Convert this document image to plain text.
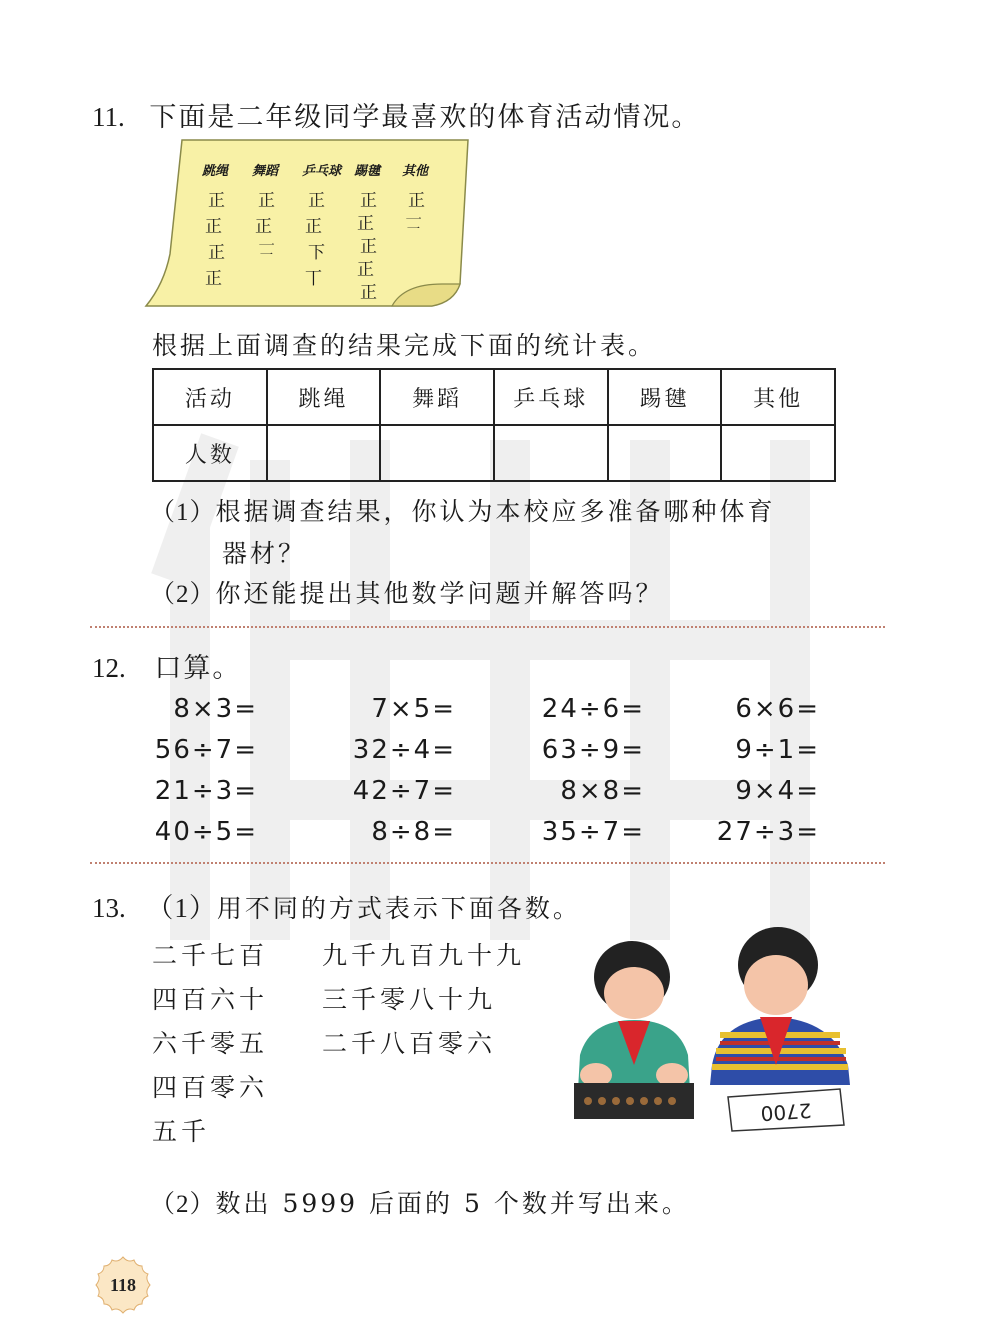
11. 下面是二年级同学最喜欢的体育活动情况。
跳绳
正
正
正
正
舞蹈
正
正
𠄟
乒乓球
正
正
下
丅
踢毽
正
正
正
正
正
其他
正
𠄟
根据上面调查的结果完成下面的统计表。
活动	跳绳	舞蹈	乒乓球	踢毽	其他
人数					
（1）根据调查结果，你认为本校应多准备哪种体育
器材？
（2）你还能提出其他数学问题并解答吗？
12. 口算。
8×3=	7×5=	24÷6=	6×6=
56÷7=	32÷4=	63÷9=	9÷1=
21÷3=	42÷7=	8×8=	9×4=
40÷5=	8÷8=	35÷7=	27÷3=
13. （1）用不同的方式表示下面各数。
二千七百
四百六十
六千零五
四百零六
五千
九千九百九十九
三千零八十九
二千八百零六
2700
（2）数出 5999 后面的 5 个数并写出来。
118
